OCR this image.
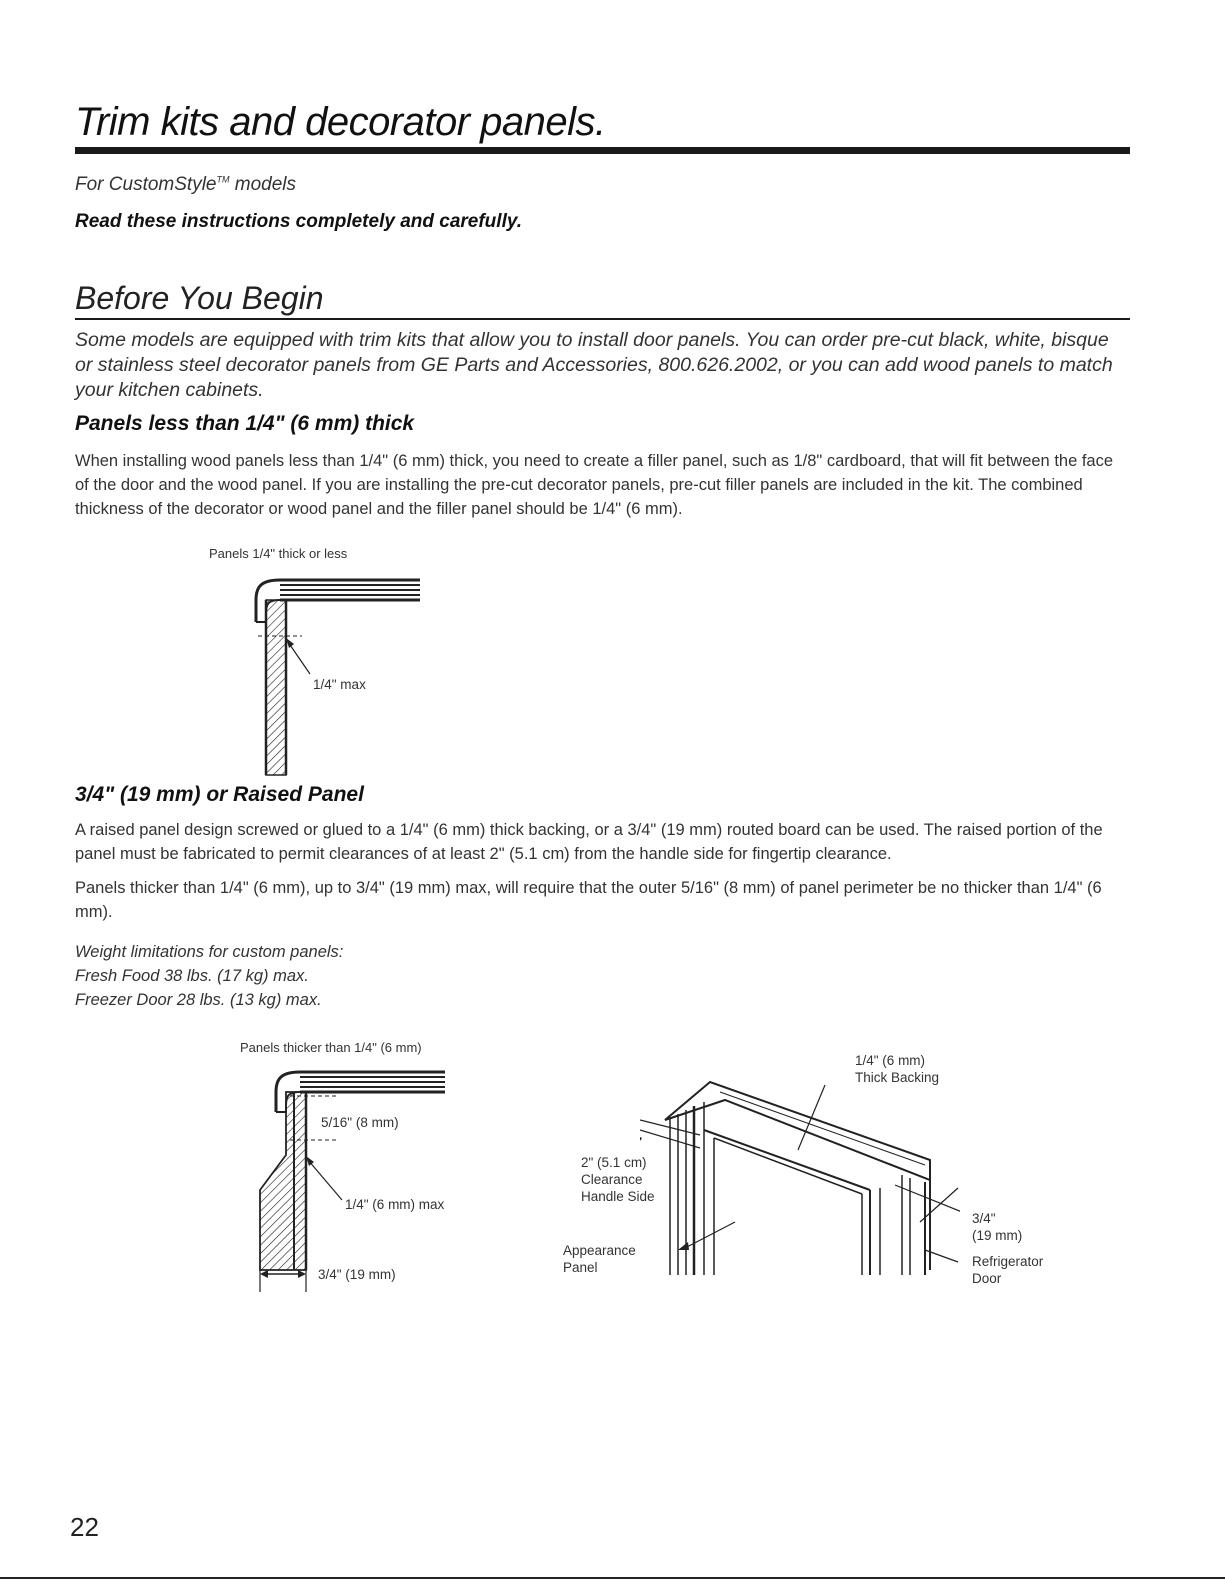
Trim kits and decorator panels.
For CustomStyle™ models
Read these instructions completely and carefully.
Before You Begin

Some models are equipped with trim kits that allow you to install door panels. You can order pre-cut black, white, bisque or stainless steel decorator panels from GE Parts and Accessories, 800.626.2002, or you can add wood panels to match your kitchen cabinets.

Panels less than 1/4" (6 mm) thick

When installing wood panels less than 1/4" (6 mm) thick, you need to create a filler panel, such as 1/8" cardboard, that will fit between the face of the door and the wood panel. If you are installing the pre-cut decorator panels, pre-cut filler panels are included in the kit. The combined thickness of the decorator or wood panel and the filler panel should be 1/4" (6 mm).

Panels 1/4" thick or less
1/4" max
3/4" (19 mm) or Raised Panel

A raised panel design screwed or glued to a 1/4" (6 mm) thick backing, or a 3/4" (19 mm) routed board can be used. The raised portion of the panel must be fabricated to permit clearances of at least 2" (5.1 cm) from the handle side for fingertip clearance.

Panels thicker than 1/4" (6 mm), up to 3/4" (19 mm) max, will require that the outer 5/16" (8 mm) of panel perimeter be no thicker than 1/4" (6 mm).

Weight limitations for custom panels:
Fresh Food 38 lbs. (17 kg) max.
Freezer Door 28 lbs. (13 kg) max.
Panels thicker than 1/4" (6 mm)
5/16" (8 mm)
1/4" (6 mm) max
3/4" (19 mm)
1/4" (6 mm)
Thick Backing
2" (5.1 cm)
Clearance
Handle Side
Appearance
Panel
3/4"
(19 mm)
Refrigerator
Door
22
